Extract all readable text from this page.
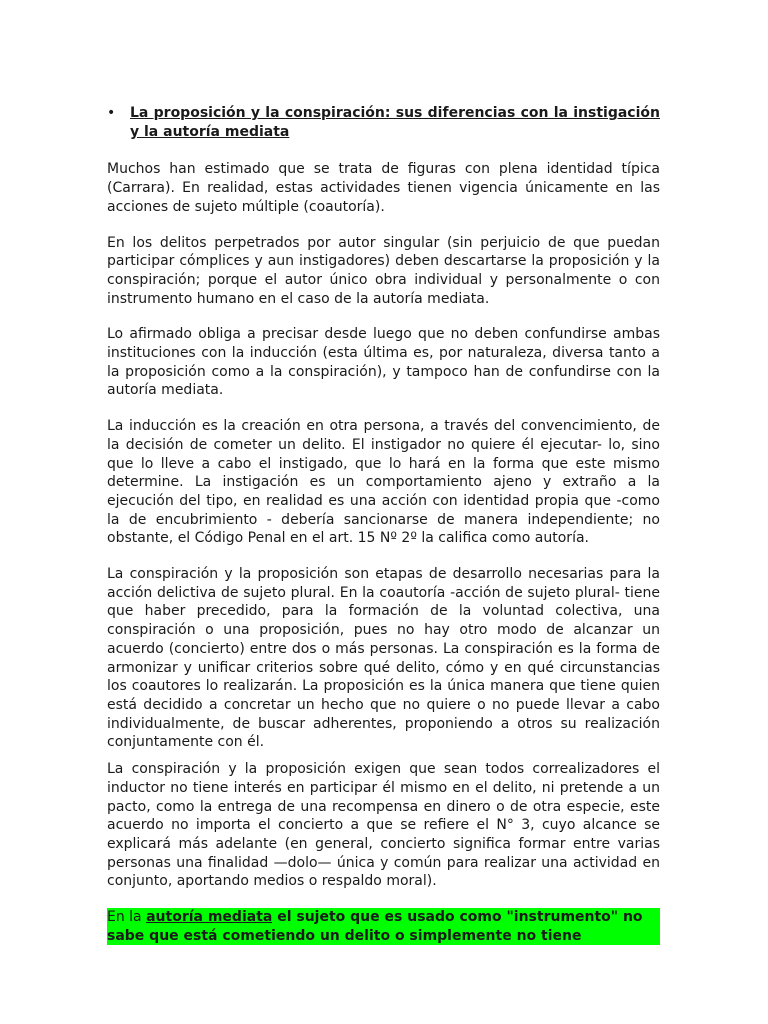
• La proposición y la conspiración: sus diferencias con la instigación y la autoría mediata

Muchos han estimado que se trata de figuras con plena identidad típica (Carrara). En realidad, estas actividades tienen vigencia únicamente en las acciones de sujeto múltiple (coautoría).

En los delitos perpetrados por autor singular (sin perjuicio de que puedan participar cómplices y aun instigadores) deben descartarse la proposición y la conspiración; porque el autor único obra individual y personalmente o con instrumento humano en el caso de la autoría mediata.

Lo afirmado obliga a precisar desde luego que no deben confundirse ambas instituciones con la inducción (esta última es, por naturaleza, diversa tanto a la proposición como a la conspiración), y tampoco han de confundirse con la autoría mediata.

La inducción es la creación en otra persona, a través del convencimiento, de la decisión de cometer un delito. El instigador no quiere él ejecutar- lo, sino que lo lleve a cabo el instigado, que lo hará en la forma que este mismo determine. La instigación es un comportamiento ajeno y extraño a la ejecución del tipo, en realidad es una acción con identidad propia que -como la de encubrimiento - debería sancionarse de manera independiente; no obstante, el Código Penal en el art. 15 Nº 2º la califica como autoría.

La conspiración y la proposición son etapas de desarrollo necesarias para la acción delictiva de sujeto plural. En la coautoría -acción de sujeto plural- tiene que haber precedido, para la formación de la voluntad colectiva, una conspiración o una proposición, pues no hay otro modo de alcanzar un acuerdo (concierto) entre dos o más personas. La conspiración es la forma de armonizar y unificar criterios sobre qué delito, cómo y en qué circunstancias los coautores lo realizarán. La proposición es la única manera que tiene quien está decidido a concretar un hecho que no quiere o no puede llevar a cabo individualmente, de buscar adherentes, proponiendo a otros su realización conjuntamente con él.

La conspiración y la proposición exigen que sean todos correalizadores el inductor no tiene interés en participar él mismo en el delito, ni pretende a un pacto, como la entrega de una recompensa en dinero o de otra especie, este acuerdo no importa el concierto a que se refiere el N° 3, cuyo alcance se explicará más adelante (en general, concierto significa formar entre varias personas una finalidad —dolo— única y común para realizar una actividad en conjunto, aportando medios o respaldo moral).

En la autoría mediata el sujeto que es usado como "instrumento" no sabe que está cometiendo un delito o simplemente no tiene
